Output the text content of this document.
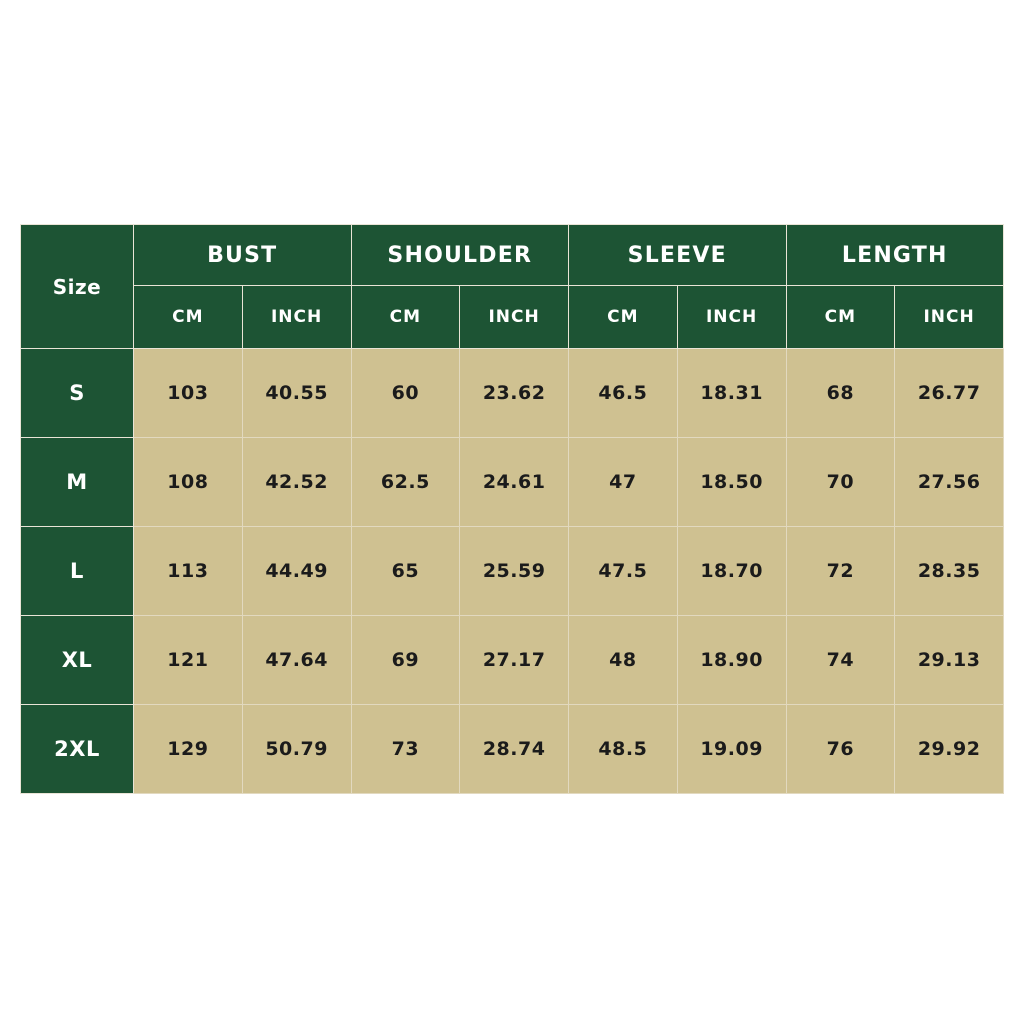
Size	BUST		SHOULDER		SLEEVE		LENGTH	
	CM	INCH	CM	INCH	CM	INCH	CM	INCH
S	103	40.55	60	23.62	46.5	18.31	68	26.77
M	108	42.52	62.5	24.61	47	18.50	70	27.56
L	113	44.49	65	25.59	47.5	18.70	72	28.35
XL	121	47.64	69	27.17	48	18.90	74	29.13
2XL	129	50.79	73	28.74	48.5	19.09	76	29.92
